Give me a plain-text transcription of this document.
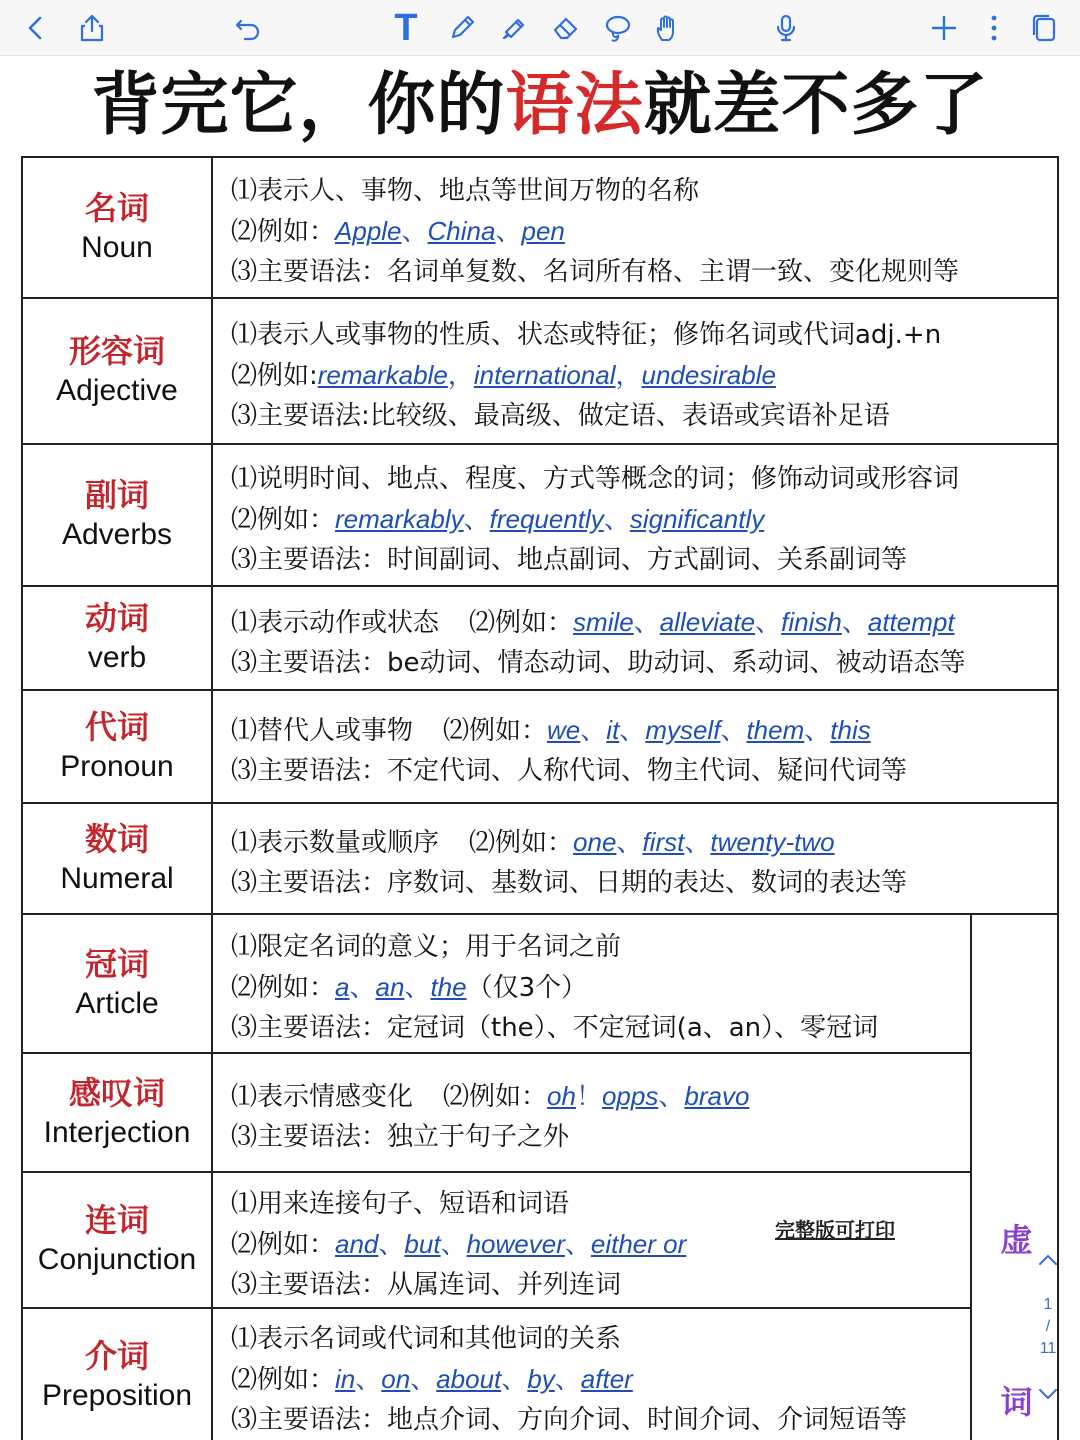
T
背完它，你的语法就差不多了
介词
Preposition
⑴表示名词或代词和其他词的关系
⑵例如：in、on、about、by、after
⑶主要语法：地点介词、方向介词、时间介词、介词短语等
连词
Conjunction
⑴用来连接句子、短语和词语
⑵例如：and、but、however、either or
⑶主要语法：从属连词、并列连词
感叹词
Interjection
⑴表示情感变化 ⑵例如：oh！opps、bravo
⑶主要语法：独立于句子之外
冠词
Article
⑴限定名词的意义；用于名词之前
⑵例如：a、an、the（仅3个）
⑶主要语法：定冠词（the）、不定冠词(a、an）、零冠词
数词
Numeral
⑴表示数量或顺序 ⑵例如：one、first、twenty-two
⑶主要语法：序数词、基数词、日期的表达、数词的表达等
代词
Pronoun
⑴替代人或事物 ⑵例如：we、it、myself、them、this
⑶主要语法：不定代词、人称代词、物主代词、疑问代词等
动词
verb
⑴表示动作或状态 ⑵例如：smile、alleviate、finish、attempt
⑶主要语法：be动词、情态动词、助动词、系动词、被动语态等
副词
Adverbs
⑴说明时间、地点、程度、方式等概念的词；修饰动词或形容词
⑵例如：remarkably、frequently、significantly
⑶主要语法：时间副词、地点副词、方式副词、关系副词等
形容词
Adjective
⑴表示人或事物的性质、状态或特征；修饰名词或代词adj.+n
⑵例如:remarkable，international，undesirable
⑶主要语法:比较级、最高级、做定语、表语或宾语补足语
名词
Noun
⑴表示人、事物、地点等世间万物的名称
⑵例如：Apple、China、pen
⑶主要语法：名词单复数、名词所有格、主谓一致、变化规则等
虚
词
完整版可打印
1
/
11
